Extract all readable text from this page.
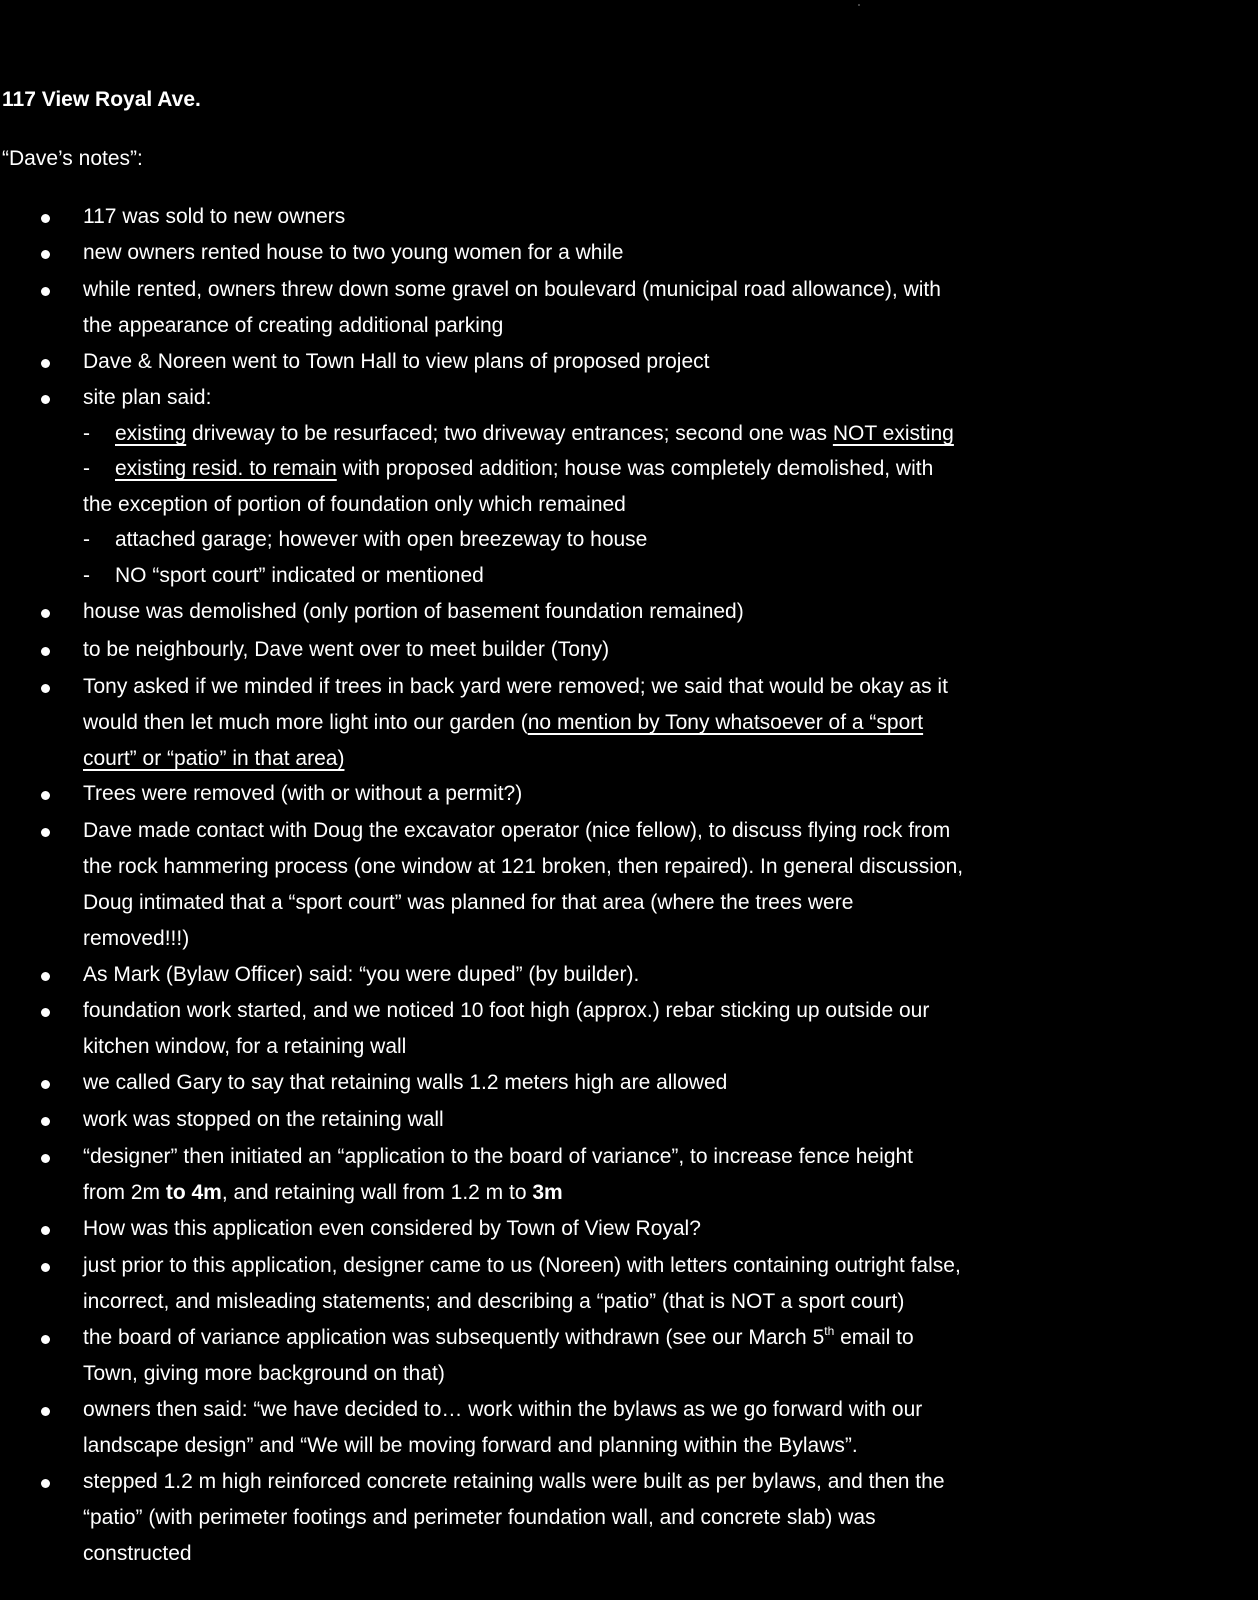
117 View Royal Ave.
“Dave’s notes”:
117 was sold to new owners
new owners rented house to two young women for a while
while rented, owners threw down some gravel on boulevard (municipal road allowance), with
the appearance of creating additional parking
Dave & Noreen went to Town Hall to view plans of proposed project
site plan said:
- existing driveway to be resurfaced; two driveway entrances; second one was NOT existing
- existing resid. to remain with proposed addition; house was completely demolished, with
the exception of portion of foundation only which remained
- attached garage; however with open breezeway to house
- NO “sport court” indicated or mentioned
house was demolished (only portion of basement foundation remained)
to be neighbourly, Dave went over to meet builder (Tony)
Tony asked if we minded if trees in back yard were removed; we said that would be okay as it
would then let much more light into our garden (no mention by Tony whatsoever of a “sport
court” or “patio” in that area)
Trees were removed (with or without a permit?)
Dave made contact with Doug the excavator operator (nice fellow), to discuss flying rock from
the rock hammering process (one window at 121 broken, then repaired). In general discussion,
Doug intimated that a “sport court” was planned for that area (where the trees were
removed!!!)
As Mark (Bylaw Officer) said: “you were duped” (by builder).
foundation work started, and we noticed 10 foot high (approx.) rebar sticking up outside our
kitchen window, for a retaining wall
we called Gary to say that retaining walls 1.2 meters high are allowed
work was stopped on the retaining wall
“designer” then initiated an “application to the board of variance”, to increase fence height
from 2m to 4m, and retaining wall from 1.2 m to 3m
How was this application even considered by Town of View Royal?
just prior to this application, designer came to us (Noreen) with letters containing outright false,
incorrect, and misleading statements; and describing a “patio” (that is NOT a sport court)
the board of variance application was subsequently withdrawn (see our March 5th email to
Town, giving more background on that)
owners then said: “we have decided to… work within the bylaws as we go forward with our
landscape design” and “We will be moving forward and planning within the Bylaws”.
stepped 1.2 m high reinforced concrete retaining walls were built as per bylaws, and then the
“patio” (with perimeter footings and perimeter foundation wall, and concrete slab) was
constructed
